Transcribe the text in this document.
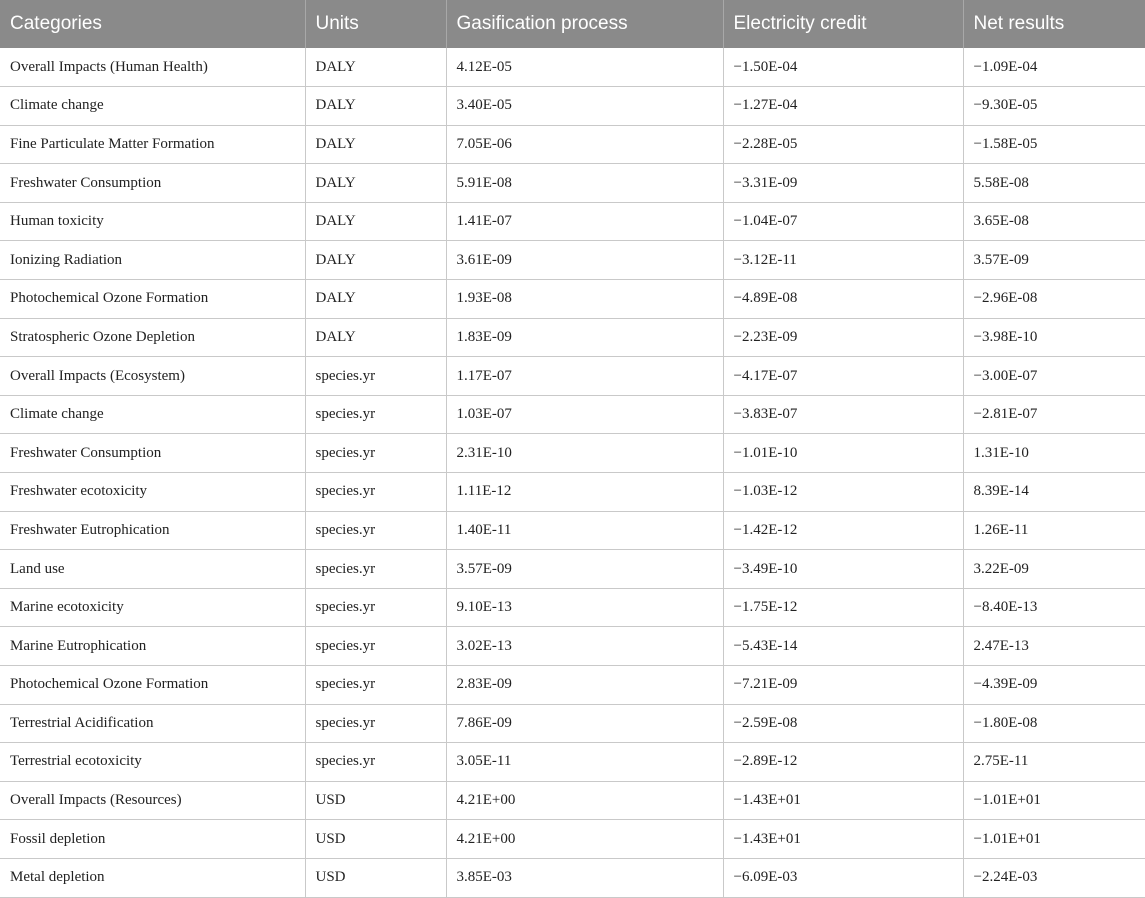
Categories	Units	Gasification process	Electricity credit	Net results
Overall Impacts (Human Health)	DALY	4.12E-05	−1.50E-04	−1.09E-04
Climate change	DALY	3.40E-05	−1.27E-04	−9.30E-05
Fine Particulate Matter Formation	DALY	7.05E-06	−2.28E-05	−1.58E-05
Freshwater Consumption	DALY	5.91E-08	−3.31E-09	5.58E-08
Human toxicity	DALY	1.41E-07	−1.04E-07	3.65E-08
Ionizing Radiation	DALY	3.61E-09	−3.12E-11	3.57E-09
Photochemical Ozone Formation	DALY	1.93E-08	−4.89E-08	−2.96E-08
Stratospheric Ozone Depletion	DALY	1.83E-09	−2.23E-09	−3.98E-10
Overall Impacts (Ecosystem)	species.yr	1.17E-07	−4.17E-07	−3.00E-07
Climate change	species.yr	1.03E-07	−3.83E-07	−2.81E-07
Freshwater Consumption	species.yr	2.31E-10	−1.01E-10	1.31E-10
Freshwater ecotoxicity	species.yr	1.11E-12	−1.03E-12	8.39E-14
Freshwater Eutrophication	species.yr	1.40E-11	−1.42E-12	1.26E-11
Land use	species.yr	3.57E-09	−3.49E-10	3.22E-09
Marine ecotoxicity	species.yr	9.10E-13	−1.75E-12	−8.40E-13
Marine Eutrophication	species.yr	3.02E-13	−5.43E-14	2.47E-13
Photochemical Ozone Formation	species.yr	2.83E-09	−7.21E-09	−4.39E-09
Terrestrial Acidification	species.yr	7.86E-09	−2.59E-08	−1.80E-08
Terrestrial ecotoxicity	species.yr	3.05E-11	−2.89E-12	2.75E-11
Overall Impacts (Resources)	USD	4.21E+00	−1.43E+01	−1.01E+01
Fossil depletion	USD	4.21E+00	−1.43E+01	−1.01E+01
Metal depletion	USD	3.85E-03	−6.09E-03	−2.24E-03
